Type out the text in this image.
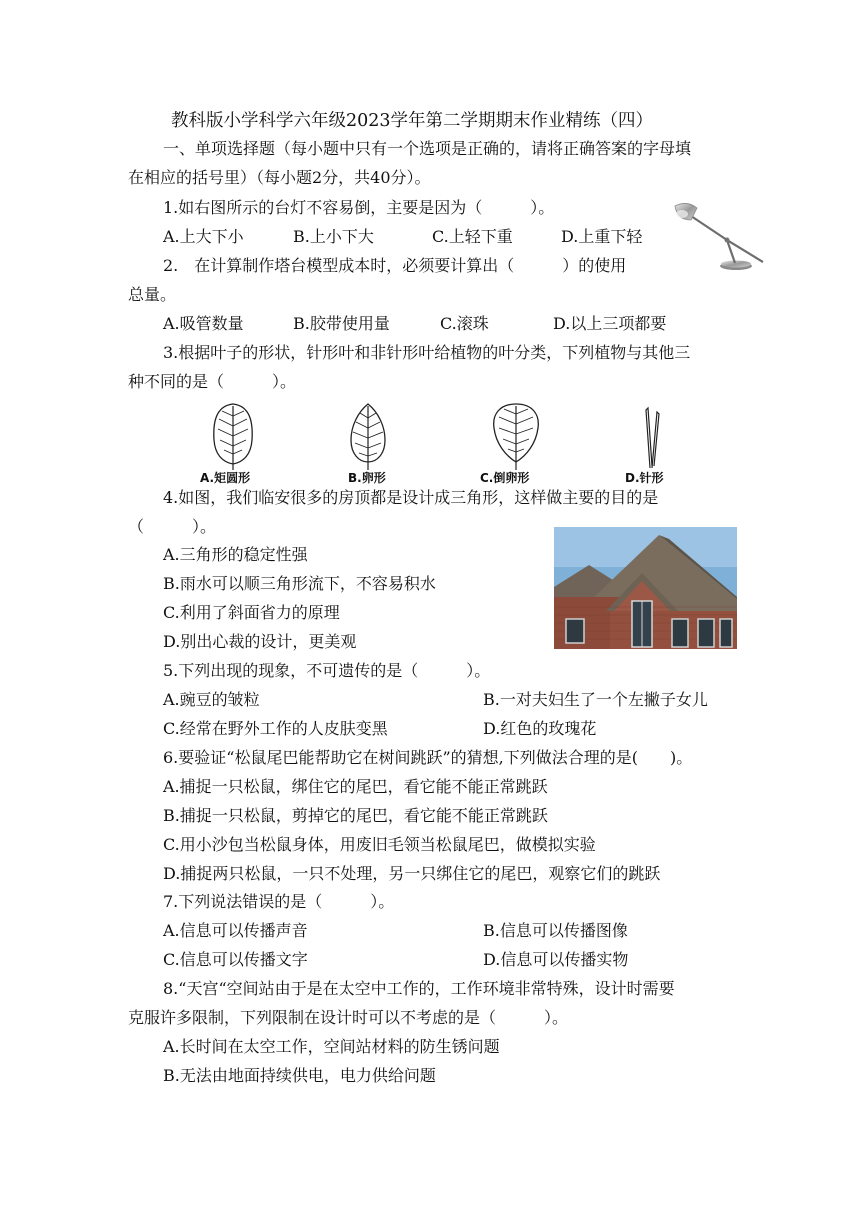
教科版小学科学六年级2023学年第二学期期末作业精练（四）
一、单项选择题（每小题中只有一个选项是正确的，请将正确答案的字母填
在相应的括号里）（每小题2分，共40分）。
1.如右图所示的台灯不容易倒，主要是因为（　　　）。
A.上大下小	B.上小下大	C.上轻下重	D.上重下轻
2.　在计算制作塔台模型成本时，必须要计算出（　　　）的使用
总量。
A.吸管数量	B.胶带使用量	C.滚珠	D.以上三项都要
3.根据叶子的形状，针形叶和非针形叶给植物的叶分类，下列植物与其他三
种不同的是（　　　）。
A.矩圆形	B.卵形	C.倒卵形	D.针形
4.如图，我们临安很多的房顶都是设计成三角形，这样做主要的目的是
（　　　）。
A.三角形的稳定性强
B.雨水可以顺三角形流下，不容易积水
C.利用了斜面省力的原理
D.别出心裁的设计，更美观
5.下列出现的现象，不可遗传的是（　　　）。
A.豌豆的皱粒	B.一对夫妇生了一个左撇子女儿
C.经常在野外工作的人皮肤变黑	D.红色的玫瑰花
6.要验证“松鼠尾巴能帮助它在树间跳跃”的猜想,下列做法合理的是(　　)。
A.捕捉一只松鼠，绑住它的尾巴，看它能不能正常跳跃
B.捕捉一只松鼠，剪掉它的尾巴，看它能不能正常跳跃
C.用小沙包当松鼠身体，用废旧毛领当松鼠尾巴，做模拟实验
D.捕捉两只松鼠，一只不处理，另一只绑住它的尾巴，观察它们的跳跃
7.下列说法错误的是（　　　）。
A.信息可以传播声音	B.信息可以传播图像
C.信息可以传播文字	D.信息可以传播实物
8.“天宫“空间站由于是在太空中工作的，工作环境非常特殊，设计时需要
克服许多限制，下列限制在设计时可以不考虑的是（　　　）。
A.长时间在太空工作，空间站材料的防生锈问题
B.无法由地面持续供电，电力供给问题
